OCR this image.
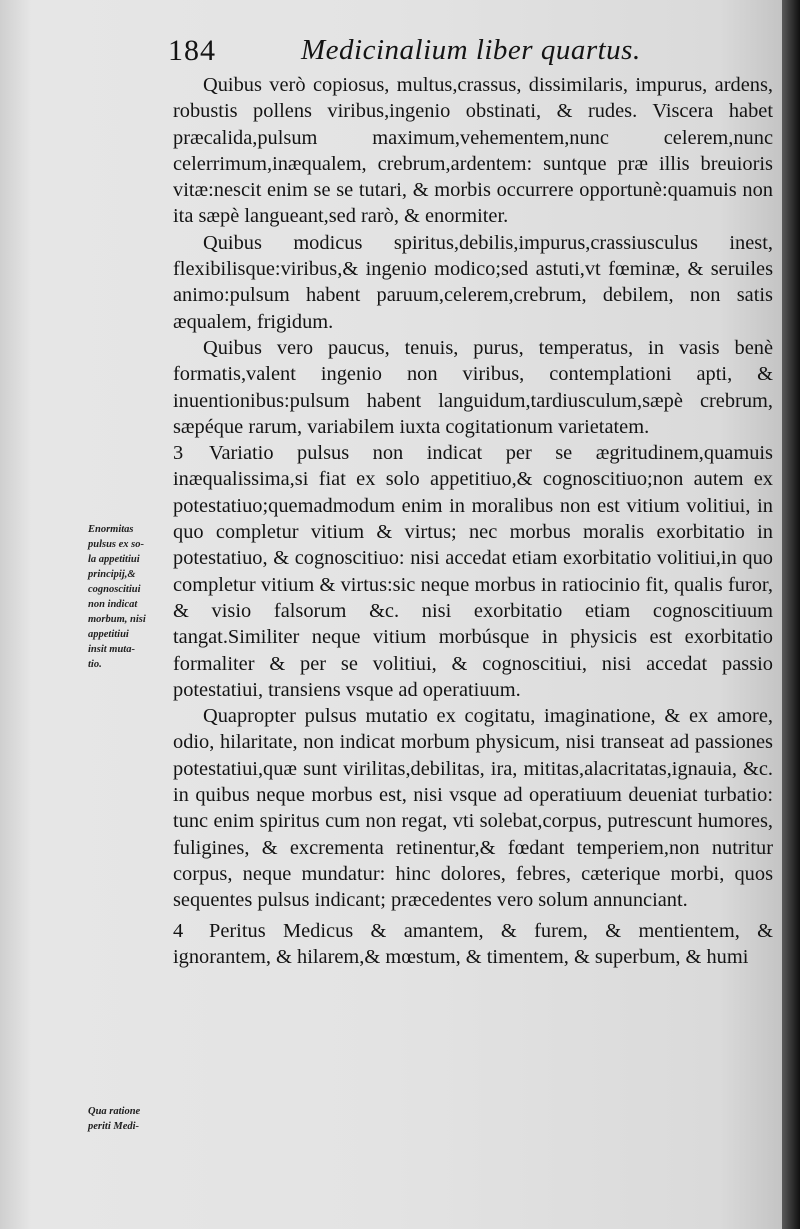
184	Medicinalium liber quartus.
Enormitas
pulsus ex so-
la appetitiui
principij,&
cognoscitiui
non indicat
morbum, nisi
appetitiui
insit muta-
tio.
Qua ratione
periti Medi-

Quibus verò copiosus, multus,crassus, dissimilaris, impurus, ardens, robustis pollens viribus,ingenio obstinati, & rudes. Viscera habet præcalida,pulsum maximum,vehementem,nunc celerem,nunc celerrimum,inæqualem, crebrum,ardentem: suntque præ illis breuioris vitæ:nescit enim se se tutari, & morbis occurrere opportunè:quamuis non ita sæpè langueant,sed rarò, & enormiter.

Quibus modicus spiritus,debilis,impurus,crassiusculus inest, flexibilisque:viribus,& ingenio modico;sed astuti,vt fœminæ, & seruiles animo:pulsum habent paruum,celerem,crebrum, debilem, non satis æqualem, frigidum.

Quibus vero paucus, tenuis, purus, temperatus, in vasis benè formatis,valent ingenio non viribus, contemplationi apti, & inuentionibus:pulsum habent languidum,tardiusculum,sæpè crebrum, sæpéque rarum, variabilem iuxta cogitationum varietatem.

3 Variatio pulsus non indicat per se ægritudinem,quamuis inæqualissima,si fiat ex solo appetitiuo,& cognoscitiuo;non autem ex potestatiuo;quemadmodum enim in moralibus non est vitium volitiui, in quo completur vitium & virtus; nec morbus moralis exorbitatio in potestatiuo, & cognoscitiuo: nisi accedat etiam exorbitatio volitiui,in quo completur vitium & virtus:sic neque morbus in ratiocinio fit, qualis furor, & visio falsorum &c. nisi exorbitatio etiam cognoscitiuum tangat.Similiter neque vitium morbúsque in physicis est exorbitatio formaliter & per se volitiui, & cognoscitiui, nisi accedat passio potestatiui, transiens vsque ad operatiuum.

Quapropter pulsus mutatio ex cogitatu, imaginatione, & ex amore, odio, hilaritate, non indicat morbum physicum, nisi transeat ad passiones potestatiui,quæ sunt virilitas,debilitas, ira, mititas,alacritatas,ignauia, &c. in quibus neque morbus est, nisi vsque ad operatiuum deueniat turbatio: tunc enim spiritus cum non regat, vti solebat,corpus, putrescunt humores, fuligines, & excrementa retinentur,& fœdant temperiem,non nutritur corpus, neque mundatur: hinc dolores, febres, cæterique morbi, quos sequentes pulsus indicant; præcedentes vero solum annunciant.

4 Peritus Medicus & amantem, & furem, & mentientem, & ignorantem, & hilarem,& mœstum, & timentem, & superbum, & humi
